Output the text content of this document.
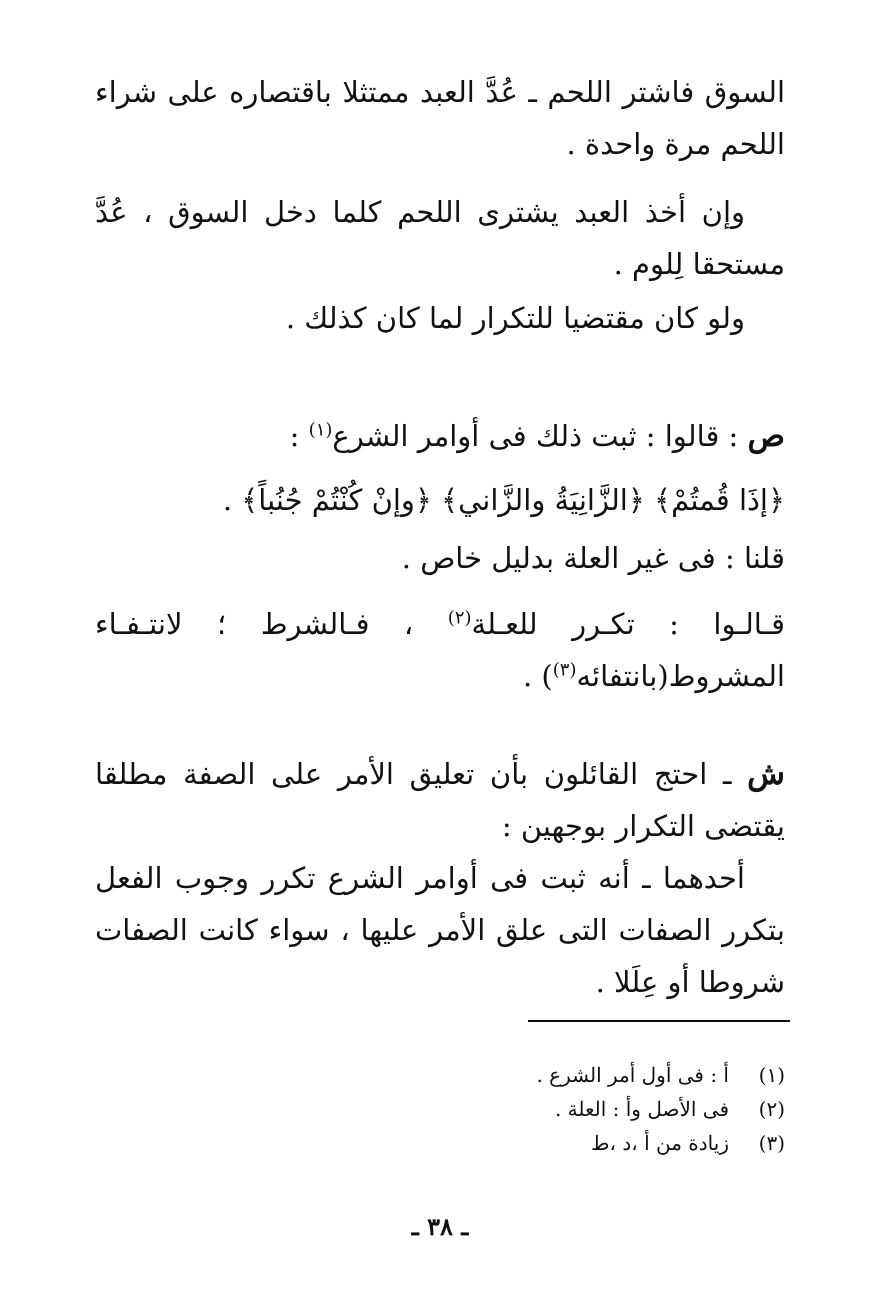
السوق فاشتر اللحم ـ عُدَّ العبد ممتثلا باقتصاره على شراء اللحم مرة واحدة .

وإن أخذ العبد يشترى اللحم كلما دخل السوق ، عُدَّ مستحقا لِلوم .

ولو كان مقتضيا للتكرار لما كان كذلك .

ص : قالوا : ثبت ذلك فى أوامر الشرع$^{(١)}$ :

﴿إذَا قُمتُمْ﴾ ﴿الزَّانِيَةُ والزَّاني﴾ ﴿وإنْ كُنْتُمْ جُنُباً﴾ .

قلنا : فى غير العلة بدليل خاص .

قـالـوا : تكـرر للعـلة$^{(٢)}$ ، فـالشرط ؛ لانتـفـاء المشروط(بانتفائه$^{(٣)}$) .

ش ـ احتج القائلون بأن تعليق الأمر على الصفة مطلقا يقتضى التكرار بوجهين :

أحدهما ـ أنه ثبت فى أوامر الشرع تكرر وجوب الفعل بتكرر الصفات التى علق الأمر عليها ، سواء كانت الصفات شروطا أو عِلَلا .

(١)
أ : فى أول أمر الشرع .
(٢)
فى الأصل وأ : العلة .
(٣)
زيادة من أ ،د ،ط
ـ ٣٨ ـ
